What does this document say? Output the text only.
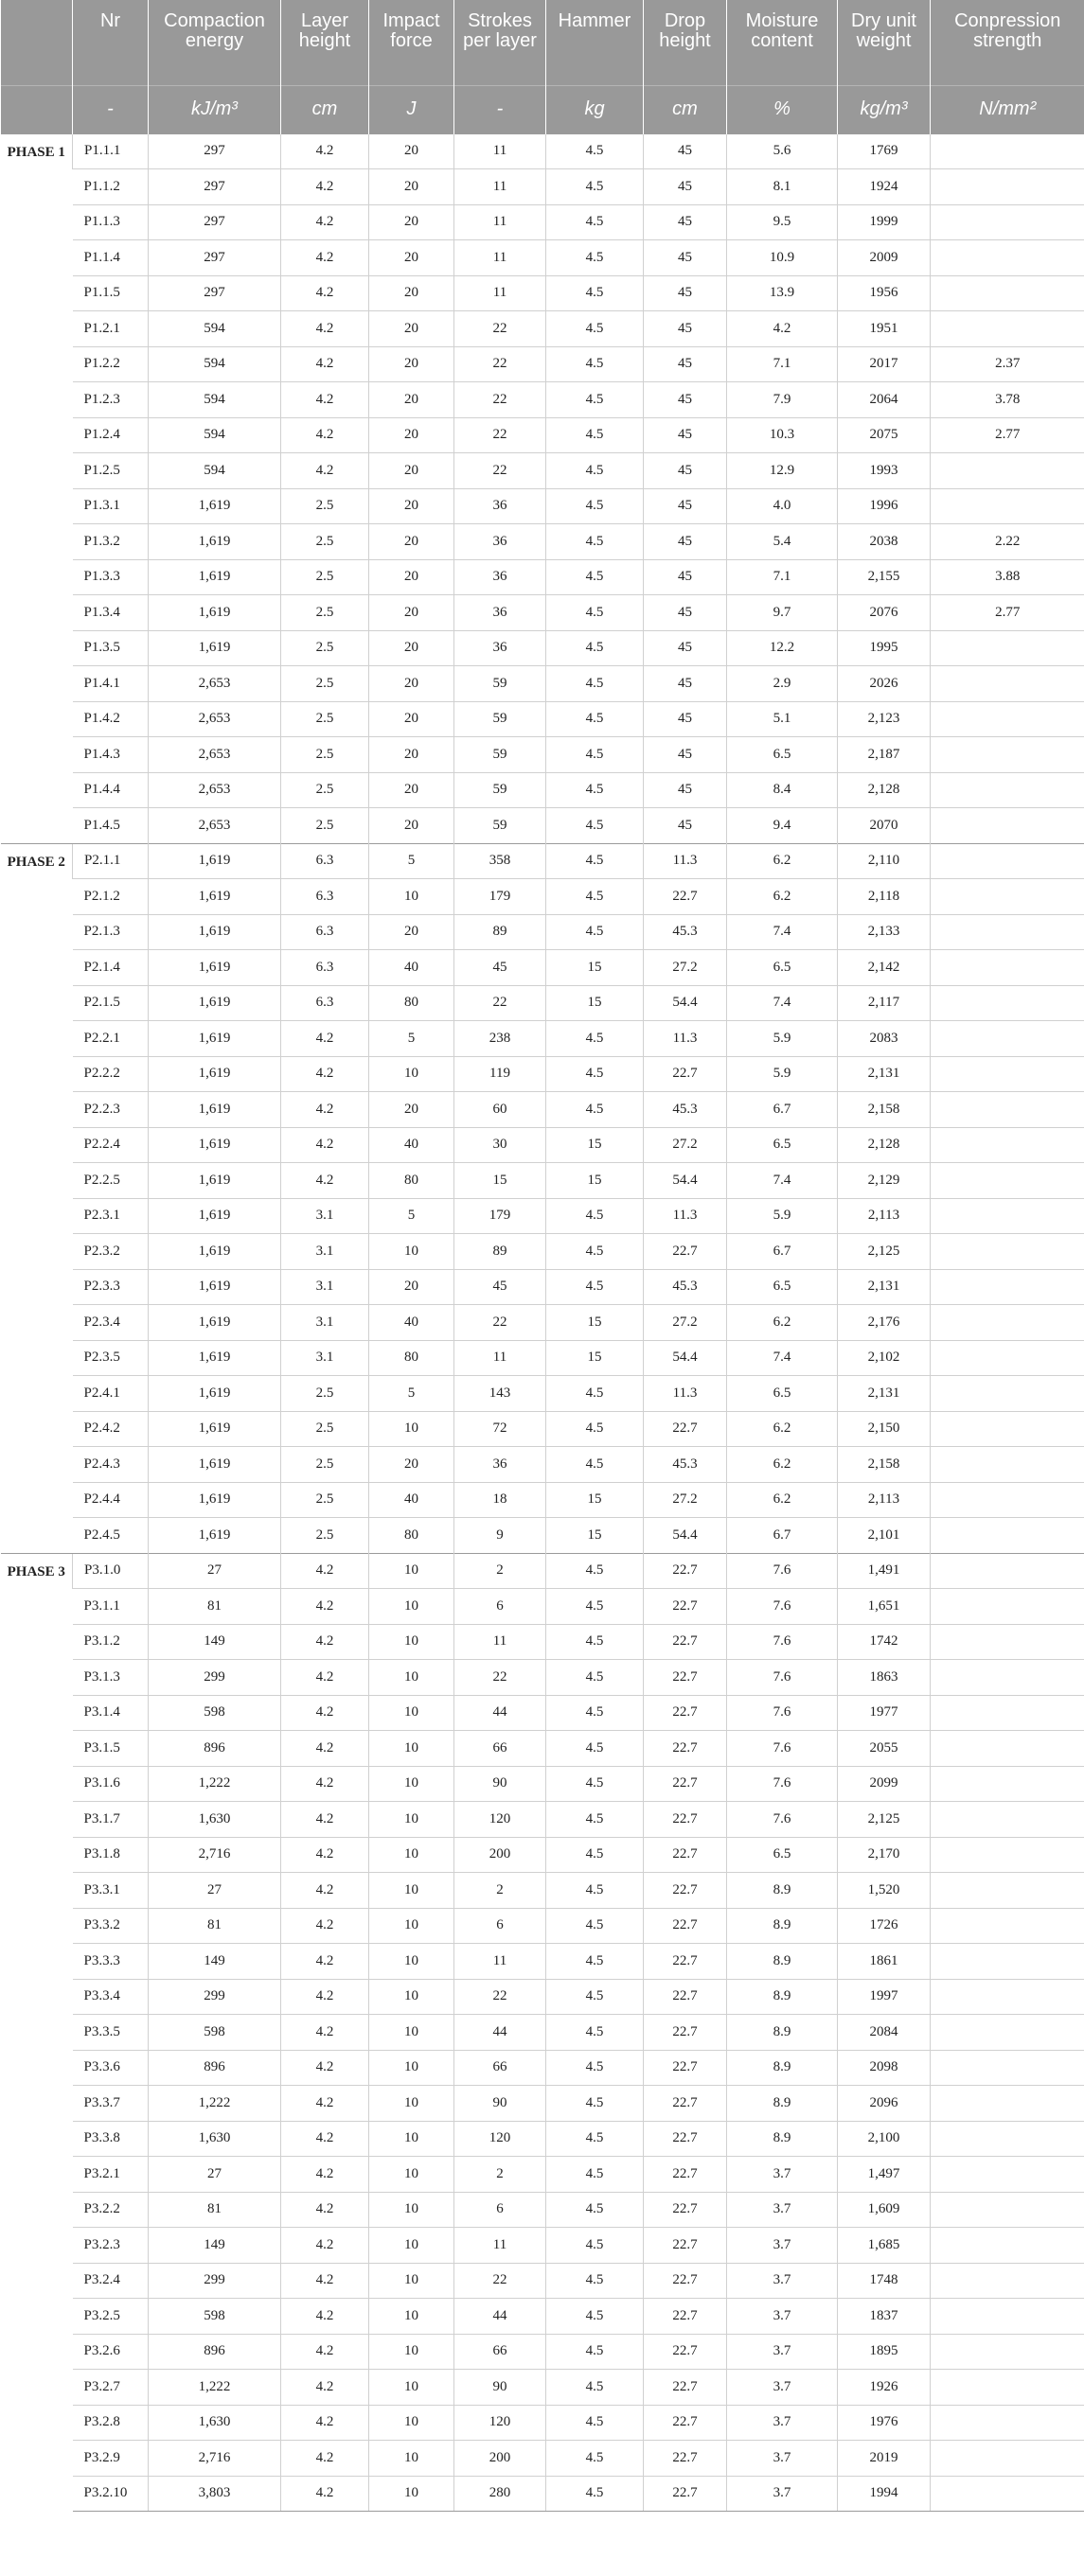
	Nr	Compaction energy	Layer height	Impact force	Strokes per layer	Hammer	Drop height	Moisture content	Dry unit weight	Conpression strength
	-	kJ/m³	cm	J	-	kg	cm	%	kg/m³	N/mm²
PHASE 1	P1.1.1	297	4.2	20	11	4.5	45	5.6	1769	
	P1.1.2	297	4.2	20	11	4.5	45	8.1	1924	
	P1.1.3	297	4.2	20	11	4.5	45	9.5	1999	
	P1.1.4	297	4.2	20	11	4.5	45	10.9	2009	
	P1.1.5	297	4.2	20	11	4.5	45	13.9	1956	
	P1.2.1	594	4.2	20	22	4.5	45	4.2	1951	
	P1.2.2	594	4.2	20	22	4.5	45	7.1	2017	2.37
	P1.2.3	594	4.2	20	22	4.5	45	7.9	2064	3.78
	P1.2.4	594	4.2	20	22	4.5	45	10.3	2075	2.77
	P1.2.5	594	4.2	20	22	4.5	45	12.9	1993	
	P1.3.1	1,619	2.5	20	36	4.5	45	4.0	1996	
	P1.3.2	1,619	2.5	20	36	4.5	45	5.4	2038	2.22
	P1.3.3	1,619	2.5	20	36	4.5	45	7.1	2,155	3.88
	P1.3.4	1,619	2.5	20	36	4.5	45	9.7	2076	2.77
	P1.3.5	1,619	2.5	20	36	4.5	45	12.2	1995	
	P1.4.1	2,653	2.5	20	59	4.5	45	2.9	2026	
	P1.4.2	2,653	2.5	20	59	4.5	45	5.1	2,123	
	P1.4.3	2,653	2.5	20	59	4.5	45	6.5	2,187	
	P1.4.4	2,653	2.5	20	59	4.5	45	8.4	2,128	
	P1.4.5	2,653	2.5	20	59	4.5	45	9.4	2070	
PHASE 2	P2.1.1	1,619	6.3	5	358	4.5	11.3	6.2	2,110	
	P2.1.2	1,619	6.3	10	179	4.5	22.7	6.2	2,118	
	P2.1.3	1,619	6.3	20	89	4.5	45.3	7.4	2,133	
	P2.1.4	1,619	6.3	40	45	15	27.2	6.5	2,142	
	P2.1.5	1,619	6.3	80	22	15	54.4	7.4	2,117	
	P2.2.1	1,619	4.2	5	238	4.5	11.3	5.9	2083	
	P2.2.2	1,619	4.2	10	119	4.5	22.7	5.9	2,131	
	P2.2.3	1,619	4.2	20	60	4.5	45.3	6.7	2,158	
	P2.2.4	1,619	4.2	40	30	15	27.2	6.5	2,128	
	P2.2.5	1,619	4.2	80	15	15	54.4	7.4	2,129	
	P2.3.1	1,619	3.1	5	179	4.5	11.3	5.9	2,113	
	P2.3.2	1,619	3.1	10	89	4.5	22.7	6.7	2,125	
	P2.3.3	1,619	3.1	20	45	4.5	45.3	6.5	2,131	
	P2.3.4	1,619	3.1	40	22	15	27.2	6.2	2,176	
	P2.3.5	1,619	3.1	80	11	15	54.4	7.4	2,102	
	P2.4.1	1,619	2.5	5	143	4.5	11.3	6.5	2,131	
	P2.4.2	1,619	2.5	10	72	4.5	22.7	6.2	2,150	
	P2.4.3	1,619	2.5	20	36	4.5	45.3	6.2	2,158	
	P2.4.4	1,619	2.5	40	18	15	27.2	6.2	2,113	
	P2.4.5	1,619	2.5	80	9	15	54.4	6.7	2,101	
PHASE 3	P3.1.0	27	4.2	10	2	4.5	22.7	7.6	1,491	
	P3.1.1	81	4.2	10	6	4.5	22.7	7.6	1,651	
	P3.1.2	149	4.2	10	11	4.5	22.7	7.6	1742	
	P3.1.3	299	4.2	10	22	4.5	22.7	7.6	1863	
	P3.1.4	598	4.2	10	44	4.5	22.7	7.6	1977	
	P3.1.5	896	4.2	10	66	4.5	22.7	7.6	2055	
	P3.1.6	1,222	4.2	10	90	4.5	22.7	7.6	2099	
	P3.1.7	1,630	4.2	10	120	4.5	22.7	7.6	2,125	
	P3.1.8	2,716	4.2	10	200	4.5	22.7	6.5	2,170	
	P3.3.1	27	4.2	10	2	4.5	22.7	8.9	1,520	
	P3.3.2	81	4.2	10	6	4.5	22.7	8.9	1726	
	P3.3.3	149	4.2	10	11	4.5	22.7	8.9	1861	
	P3.3.4	299	4.2	10	22	4.5	22.7	8.9	1997	
	P3.3.5	598	4.2	10	44	4.5	22.7	8.9	2084	
	P3.3.6	896	4.2	10	66	4.5	22.7	8.9	2098	
	P3.3.7	1,222	4.2	10	90	4.5	22.7	8.9	2096	
	P3.3.8	1,630	4.2	10	120	4.5	22.7	8.9	2,100	
	P3.2.1	27	4.2	10	2	4.5	22.7	3.7	1,497	
	P3.2.2	81	4.2	10	6	4.5	22.7	3.7	1,609	
	P3.2.3	149	4.2	10	11	4.5	22.7	3.7	1,685	
	P3.2.4	299	4.2	10	22	4.5	22.7	3.7	1748	
	P3.2.5	598	4.2	10	44	4.5	22.7	3.7	1837	
	P3.2.6	896	4.2	10	66	4.5	22.7	3.7	1895	
	P3.2.7	1,222	4.2	10	90	4.5	22.7	3.7	1926	
	P3.2.8	1,630	4.2	10	120	4.5	22.7	3.7	1976	
	P3.2.9	2,716	4.2	10	200	4.5	22.7	3.7	2019	
	P3.2.10	3,803	4.2	10	280	4.5	22.7	3.7	1994	
